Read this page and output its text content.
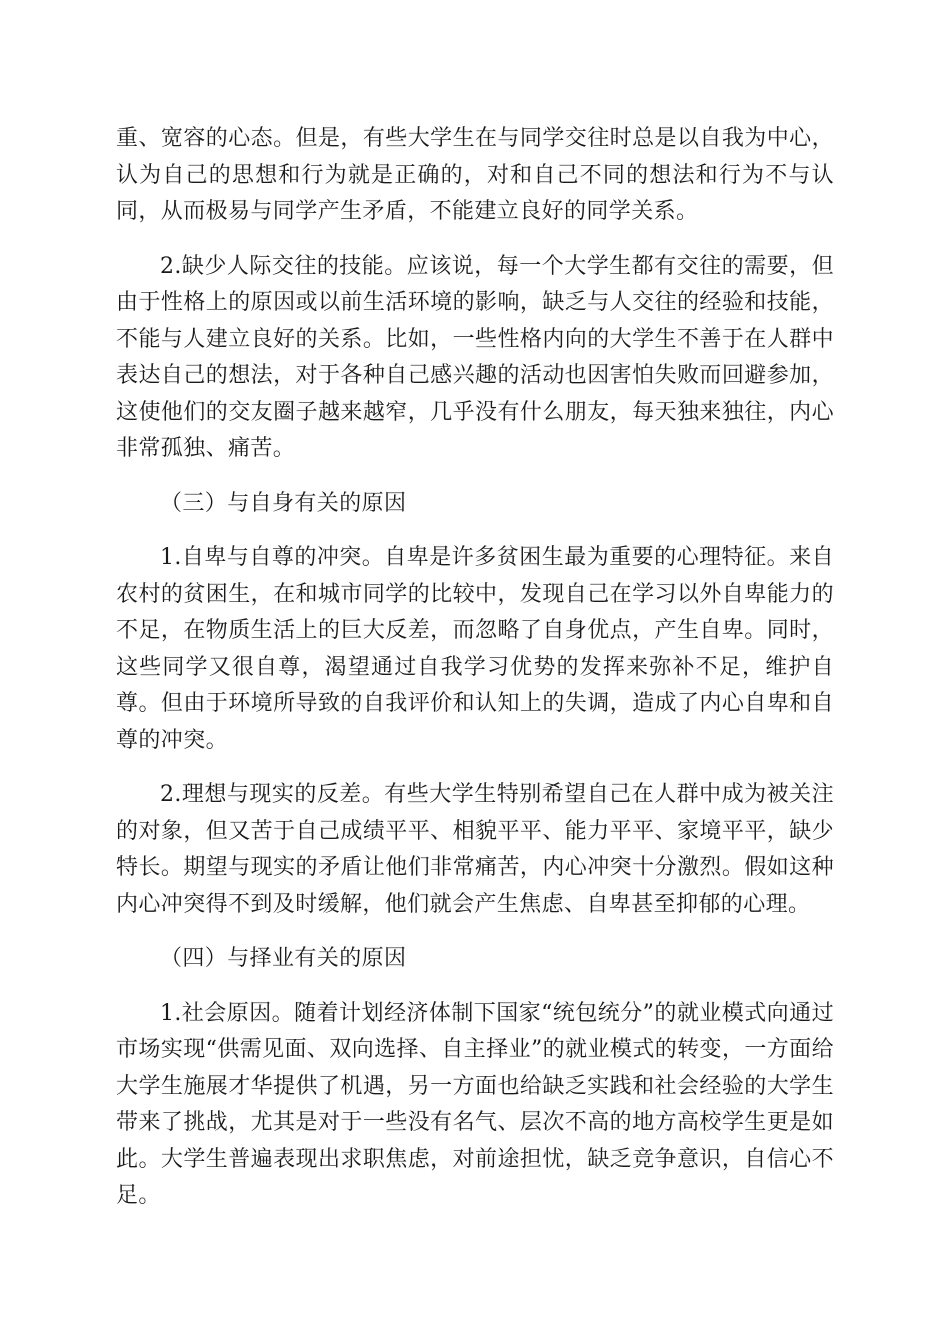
重、宽容的心态。但是，有些大学生在与同学交往时总是以自我为中心，认为自己的思想和行为就是正确的，对和自己不同的想法和行为不与认同，从而极易与同学产生矛盾，不能建立良好的同学关系。

2.缺少人际交往的技能。应该说，每一个大学生都有交往的需要，但由于性格上的原因或以前生活环境的影响，缺乏与人交往的经验和技能，不能与人建立良好的关系。比如，一些性格内向的大学生不善于在人群中表达自己的想法，对于各种自己感兴趣的活动也因害怕失败而回避参加，这使他们的交友圈子越来越窄，几乎没有什么朋友，每天独来独往，内心非常孤独、痛苦。

（三）与自身有关的原因

1.自卑与自尊的冲突。自卑是许多贫困生最为重要的心理特征。来自农村的贫困生，在和城市同学的比较中，发现自己在学习以外自卑能力的不足，在物质生活上的巨大反差，而忽略了自身优点，产生自卑。同时，这些同学又很自尊，渴望通过自我学习优势的发挥来弥补不足，维护自尊。但由于环境所导致的自我评价和认知上的失调，造成了内心自卑和自尊的冲突。

2.理想与现实的反差。有些大学生特别希望自己在人群中成为被关注的对象，但又苦于自己成绩平平、相貌平平、能力平平、家境平平，缺少特长。期望与现实的矛盾让他们非常痛苦，内心冲突十分激烈。假如这种内心冲突得不到及时缓解，他们就会产生焦虑、自卑甚至抑郁的心理。

（四）与择业有关的原因

1.社会原因。随着计划经济体制下国家“统包统分”的就业模式向通过市场实现“供需见面、双向选择、自主择业”的就业模式的转变，一方面给大学生施展才华提供了机遇，另一方面也给缺乏实践和社会经验的大学生带来了挑战，尤其是对于一些没有名气、层次不高的地方高校学生更是如此。大学生普遍表现出求职焦虑，对前途担忧，缺乏竞争意识，自信心不足。
